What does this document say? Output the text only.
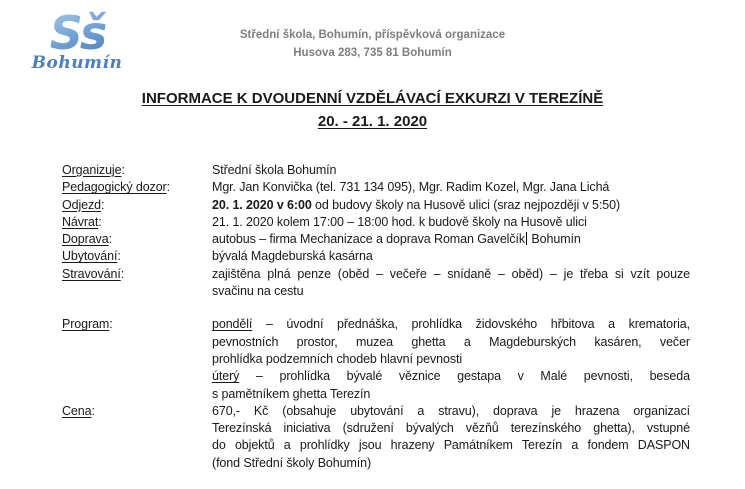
Sš
Bohumín
Střední škola, Bohumín, příspěvková organizace
Husova 283, 735 81 Bohumín
INFORMACE K DVOUDENNÍ VZDĚLÁVACÍ EXKURZI V TEREZÍNĚ
20. - 21. 1. 2020
Organizuje:	Střední škola Bohumín
Pedagogický dozor:	Mgr. Jan Konvička (tel. 731 134 095), Mgr. Radim Kozel, Mgr. Jana Lichá
Odjezd:	20. 1. 2020 v 6:00 od budovy školy na Husově ulici (sraz nejpozději v 5:50)
Návrat:	21. 1. 2020 kolem 17:00 – 18:00 hod. k budově školy na Husově ulici
Doprava:	autobus – firma Mechanizace a doprava Roman Gavelčík Bohumín
Ubytování:	bývalá Magdeburská kasárna
Stravování:	zajištěna plná penze (oběd – večeře – snídaně – oběd) – je třeba si vzít pouze
svačinu na cestu
Program:	pondělí – úvodní přednáška, prohlídka židovského hřbitova a krematoria,
pevnostních prostor, muzea ghetta a Magdeburských kasáren, večer
prohlídka podzemních chodeb hlavní pevnosti
úterý – prohlídka bývalé věznice gestapa v Malé pevnosti, beseda
s pamětníkem ghetta Terezín
Cena:	670,- Kč (obsahuje ubytování a stravu), doprava je hrazena organizací
Terezínská iniciativa (sdružení bývalých vězňů terezínského ghetta), vstupné
do objektů a prohlídky jsou hrazeny Památníkem Terezín a fondem DASPON
(fond Střední školy Bohumín)
